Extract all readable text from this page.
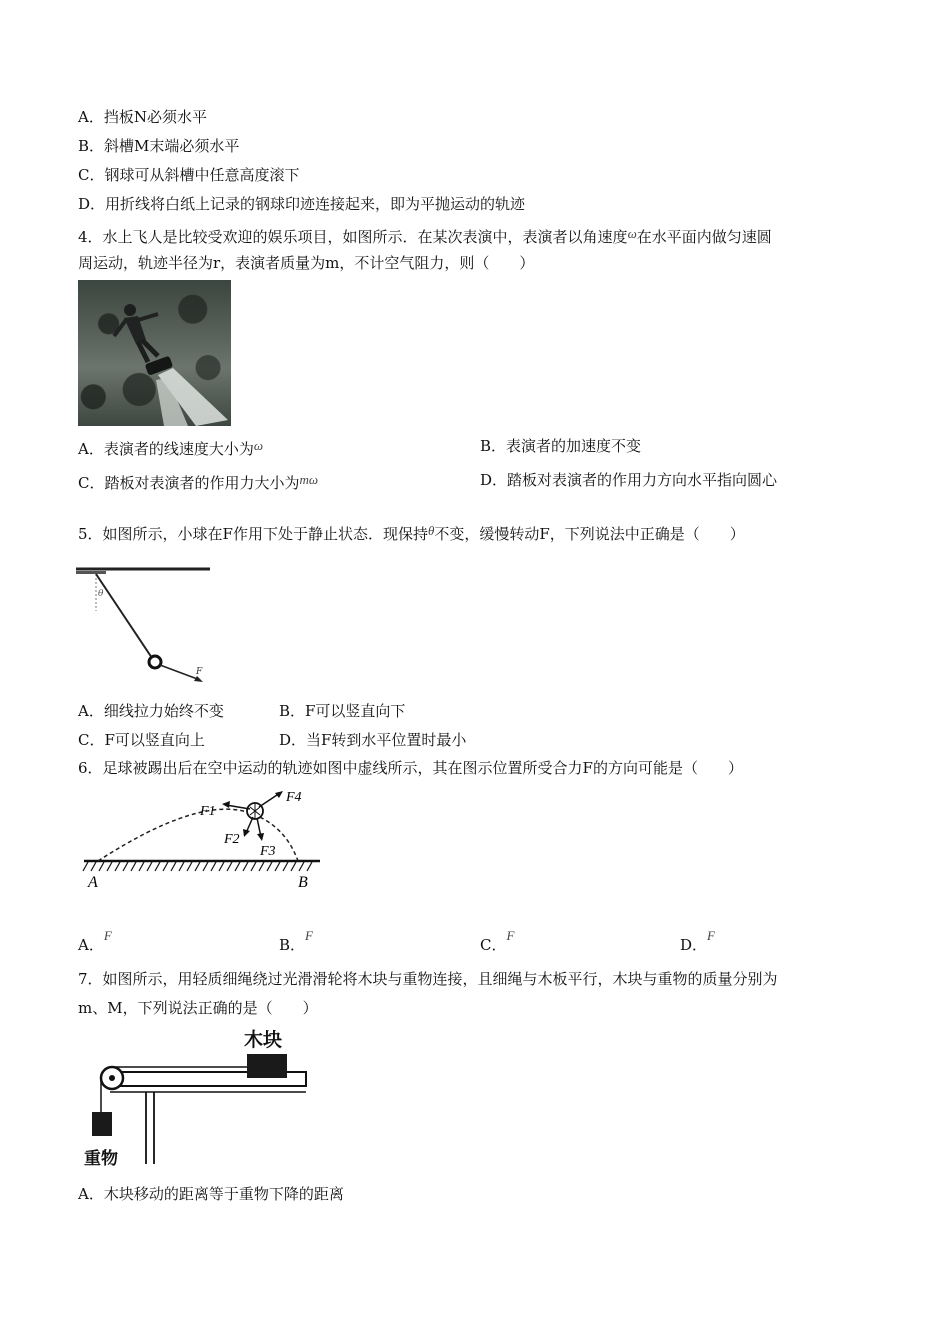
A．挡板N必须水平
B．斜槽M末端必须水平
C．钢球可从斜槽中任意高度滚下
D．用折线将白纸上记录的钢球印迹连接起来，即为平抛运动的轨迹
4．水上飞人是比较受欢迎的娱乐项目，如图所示．在某次表演中，表演者以角速度ω在水平面内做匀速圆
周运动，轨迹半径为r，表演者质量为m，不计空气阻力，则（　　）
A．表演者的线速度大小为ω	B．表演者的加速度不变
C．踏板对表演者的作用力大小为mω	D．踏板对表演者的作用力方向水平指向圆心
5．如图所示，小球在F作用下处于静止状态．现保持θ不变，缓慢转动F，下列说法中正确是（　　）
θ
F
A．细线拉力始终不变	B．F可以竖直向下
C．F可以竖直向上	D．当F转到水平位置时最小
6．足球被踢出后在空中运动的轨迹如图中虚线所示，其在图示位置所受合力F的方向可能是（　　）
F1
F2
F3
F4
A	B
A．F
B．F
C．F
D．F
7．如图所示，用轻质细绳绕过光滑滑轮将木块与重物连接，且细绳与木板平行，木块与重物的质量分别为
m、M，下列说法正确的是（　　）
木块
重物
A．木块移动的距离等于重物下降的距离
